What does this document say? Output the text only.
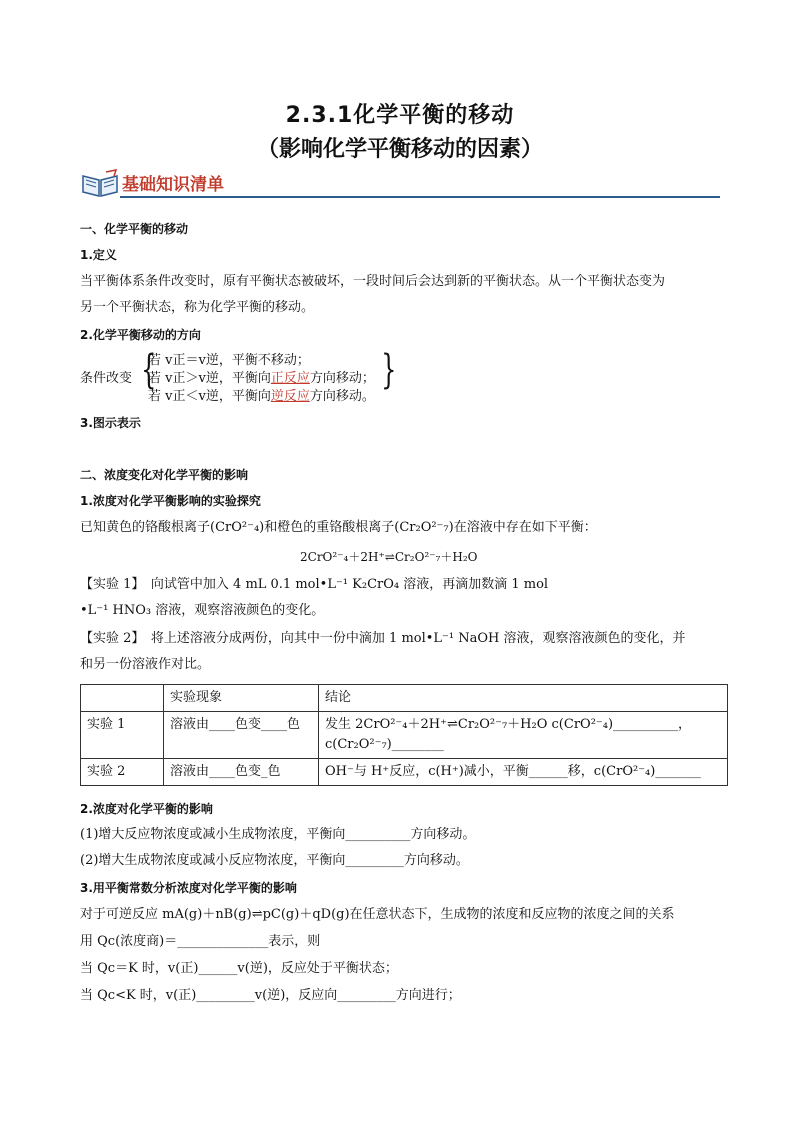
2.3.1化学平衡的移动
（影响化学平衡移动的因素）
基础知识清单
一、化学平衡的移动
1.定义
当平衡体系条件改变时，原有平衡状态被破坏，一段时间后会达到新的平衡状态。从一个平衡状态变为
另一个平衡状态，称为化学平衡的移动。
2.化学平衡移动的方向
条件改变 {	}
若 v正＝v逆，平衡不移动；
若 v正＞v逆，平衡向正反应方向移动；
若 v正＜v逆，平衡向逆反应方向移动。
3.图示表示
二、浓度变化对化学平衡的影响
1.浓度对化学平衡影响的实验探究
已知黄色的铬酸根离子(CrO²⁻₄)和橙色的重铬酸根离子(Cr₂O²⁻₇)在溶液中存在如下平衡：
2CrO²⁻₄＋2H⁺⇌Cr₂O²⁻₇＋H₂O
【实验 1】　向试管中加入 4 mL 0.1 mol•L⁻¹ K₂CrO₄ 溶液，再滴加数滴 1 mol
•L⁻¹ HNO₃ 溶液，观察溶液颜色的变化。
【实验 2】　将上述溶液分成两份，向其中一份中滴加 1 mol•L⁻¹ NaOH 溶液，观察溶液颜色的变化，并
和另一份溶液作对比。
	实验现象	结论
实验 1	溶液由____色变____色	发生 2CrO²⁻₄＋2H⁺⇌Cr₂O²⁻₇＋H₂O c(CrO²⁻₄)__________，
c(Cr₂O²⁻₇)________

实验 2	溶液由____色变_色	OH⁻与 H⁺反应，c(H⁺)减小，平衡______移，c(CrO²⁻₄)_______
2.浓度对化学平衡的影响
(1)增大反应物浓度或减小生成物浓度，平衡向__________方向移动。
(2)增大生成物浓度或减小反应物浓度，平衡向_________方向移动。
3.用平衡常数分析浓度对化学平衡的影响
对于可逆反应 mA(g)＋nB(g)⇌pC(g)＋qD(g)在任意状态下，生成物的浓度和反应物的浓度之间的关系
用 Qc(浓度商)＝______________表示，则
当 Qc＝K 时，v(正)______v(逆)，反应处于平衡状态；
当 Qc<K 时，v(正)_________v(逆)，反应向_________方向进行；
